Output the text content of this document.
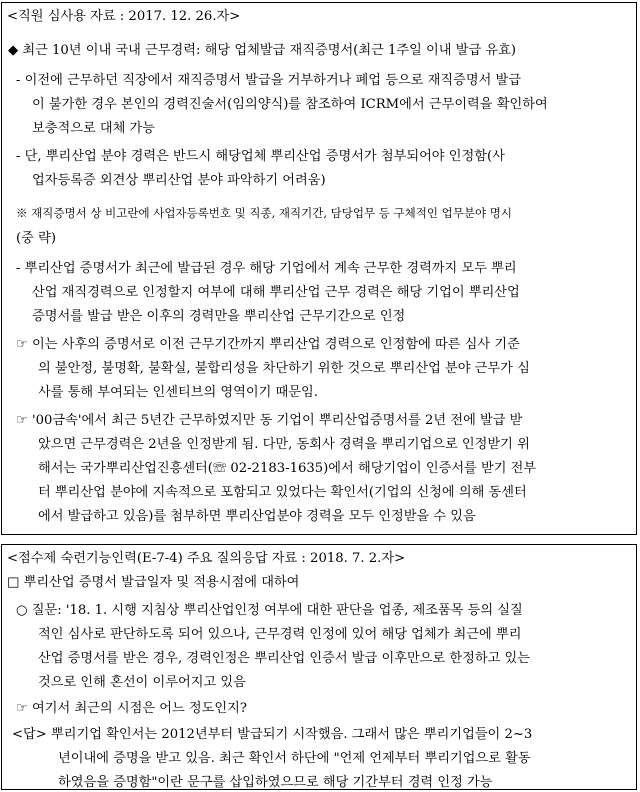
<직원 심사용 자료 : 2017. 12. 26.자>
◆ 최근 10년 이내 국내 근무경력: 해당 업체발급 재직증명서(최근 1주일 이내 발급 유효)
- 이전에 근무하던 직장에서 재직증명서 발급을 거부하거나 폐업 등으로 재직증명서 발급
이 불가한 경우 본인의 경력진술서(임의양식)를 참조하여 ICRM에서 근무이력을 확인하여
보충적으로 대체 가능
- 단, 뿌리산업 분야 경력은 반드시 해당업체 뿌리산업 증명서가 첨부되어야 인정함(사
업자등록증 외견상 뿌리산업 분야 파악하기 어려움)
※ 재직증명서 상 비고란에 사업자등록번호 및 직종, 재직기간, 담당업무 등 구체적인 업무분야 명시
(중 략)
- 뿌리산업 증명서가 최근에 발급된 경우 해당 기업에서 계속 근무한 경력까지 모두 뿌리
산업 재직경력으로 인정할지 여부에 대해 뿌리산업 근무 경력은 해당 기업이 뿌리산업
증명서를 발급 받은 이후의 경력만을 뿌리산업 근무기간으로 인정
☞ 이는 사후의 증명서로 이전 근무기간까지 뿌리산업 경력으로 인정함에 따른 심사 기준
의 불안정, 불명확, 불확실, 불합리성을 차단하기 위한 것으로 뿌리산업 분야 근무가 심
사를 통해 부여되는 인센티브의 영역이기 때문임.
☞ '00금속'에서 최근 5년간 근무하였지만 동 기업이 뿌리산업증명서를 2년 전에 발급 받
았으면 근무경력은 2년을 인정받게 됨. 다만, 동회사 경력을 뿌리기업으로 인정받기 위
해서는 국가뿌리산업진흥센터(☏ 02-2183-1635)에서 해당기업이 인증서를 받기 전부
터 뿌리산업 분야에 지속적으로 포함되고 있었다는 확인서(기업의 신청에 의해 동센터
에서 발급하고 있음)를 첨부하면 뿌리산업분야 경력을 모두 인정받을 수 있음
<점수제 숙련기능인력(E-7-4) 주요 질의응답 자료 : 2018. 7. 2.자>
□ 뿌리산업 증명서 발급일자 및 적용시점에 대하여
○ 질문: '18. 1. 시행 지침상 뿌리산업인정 여부에 대한 판단을 업종, 제조품목 등의 실질
적인 심사로 판단하도록 되어 있으나, 근무경력 인정에 있어 해당 업체가 최근에 뿌리
산업 증명서를 받은 경우, 경력인정은 뿌리산업 인증서 발급 이후만으로 한정하고 있는
것으로 인해 혼선이 이루어지고 있음
☞ 여기서 최근의 시점은 어느 정도인지?
<답> 뿌리기업 확인서는 2012년부터 발급되기 시작했음. 그래서 많은 뿌리기업들이 2~3
년이내에 증명을 받고 있음. 최근 확인서 하단에 "언제 언제부터 뿌리기업으로 활동
하였음을 증명함"이란 문구를 삽입하였으므로 해당 기간부터 경력 인정 가능
